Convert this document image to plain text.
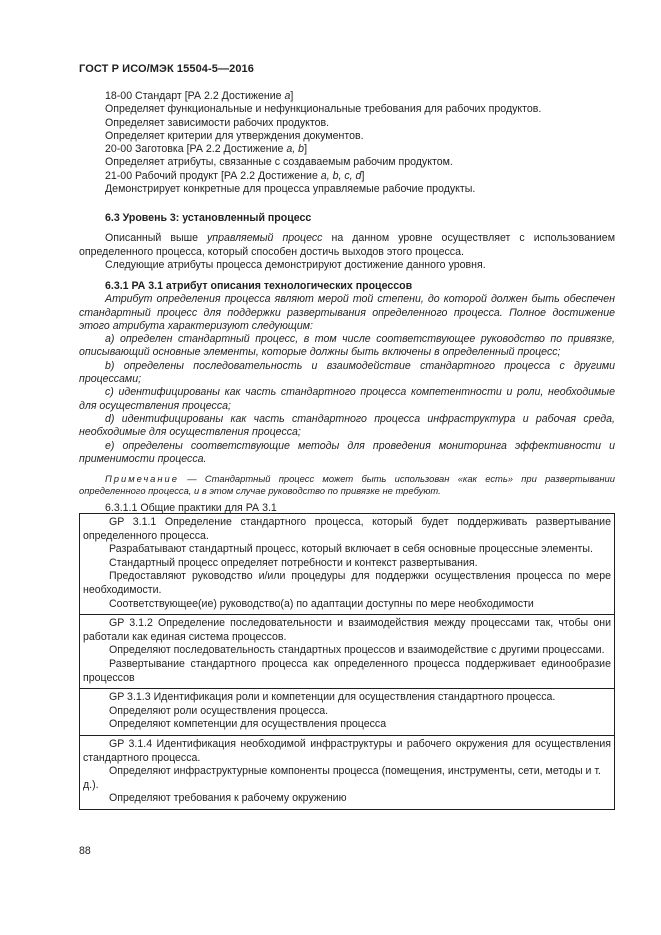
ГОСТ Р ИСО/МЭК 15504-5—2016

18-00 Стандарт [РА 2.2 Достижение a]

Определяет функциональные и нефункциональные требования для рабочих продуктов.

Определяет зависимости рабочих продуктов.

Определяет критерии для утверждения документов.

20-00 Заготовка [РА 2.2 Достижение a, b]

Определяет атрибуты, связанные с создаваемым рабочим продуктом.

21-00 Рабочий продукт [РА 2.2 Достижение a, b, c, d]

Демонстрирует конкретные для процесса управляемые рабочие продукты.

6.3 Уровень 3: установленный процесс

Описанный выше управляемый процесс на данном уровне осуществляет с использованием определенного процесса, который способен достичь выходов этого процесса.

Следующие атрибуты процесса демонстрируют достижение данного уровня.

6.3.1 РА 3.1 атрибут описания технологических процессов

Атрибут определения процесса являют мерой той степени, до которой должен быть обеспечен стандартный процесс для поддержки развертывания определенного процесса. Полное достижение этого атрибута характеризуют следующим:

a) определен стандартный процесс, в том числе соответствующее руководство по привязке, описывающий основные элементы, которые должны быть включены в определенный процесс;

b) определены последовательность и взаимодействие стандартного процесса с другими процессами;

c) идентифицированы как часть стандартного процесса компетентности и роли, необходимые для осуществления процесса;

d) идентифицированы как часть стандартного процесса инфраструктура и рабочая среда, необходимые для осуществления процесса;

e) определены соответствующие методы для проведения мониторинга эффективности и применимости процесса.

Примечание — Стандартный процесс может быть использован «как есть» при развертывании определенного процесса, и в этом случае руководство по привязке не требуют.

6.3.1.1 Общие практики для РА 3.1

GP 3.1.1 Определение стандартного процесса, который будет поддерживать развертывание определенного процесса.

Разрабатывают стандартный процесс, который включает в себя основные процессные элементы.

Стандартный процесс определяет потребности и контекст развертывания.

Предоставляют руководство и/или процедуры для поддержки осуществления процесса по мере необходимости.

Соответствующее(ие) руководство(а) по адаптации доступны по мере необходимости

GP 3.1.2 Определение последовательности и взаимодействия между процессами так, чтобы они работали как единая система процессов.

Определяют последовательность стандартных процессов и взаимодействие с другими процессами.

Развертывание стандартного процесса как определенного процесса поддерживает единообразие процессов

GP 3.1.3 Идентификация роли и компетенции для осуществления стандартного процесса.

Определяют роли осуществления процесса.

Определяют компетенции для осуществления процесса

GP 3.1.4 Идентификация необходимой инфраструктуры и рабочего окружения для осуществления стандартного процесса.

Определяют инфраструктурные компоненты процесса (помещения, инструменты, сети, методы и т. д.).

Определяют требования к рабочему окружению

88
